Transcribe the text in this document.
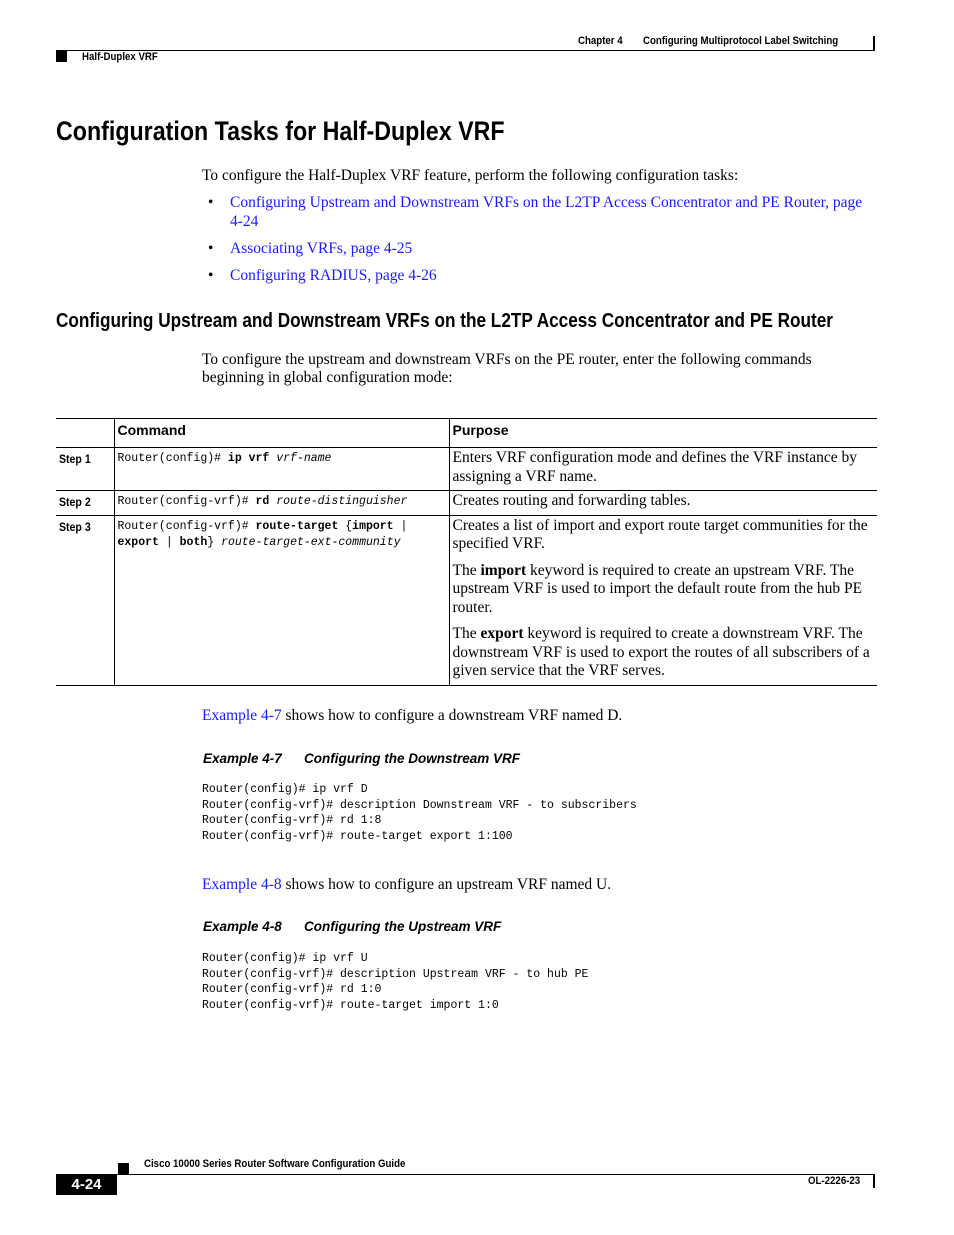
Chapter 4 Configuring Multiprotocol Label Switching
Half-Duplex VRF
Configuration Tasks for Half-Duplex VRF
To configure the Half-Duplex VRF feature, perform the following configuration tasks:
• Configuring Upstream and Downstream VRFs on the L2TP Access Concentrator and PE Router, page 4-24
• Associating VRFs, page 4-25
• Configuring RADIUS, page 4-26
Configuring Upstream and Downstream VRFs on the L2TP Access Concentrator and PE Router
To configure the upstream and downstream VRFs on the PE router, enter the following commands beginning in global configuration mode:
	Command	Purpose
Step 1	Router(config)# ip vrf vrf-name	Enters VRF configuration mode and defines the VRF instance by assigning a VRF name.

Step 2	Router(config-vrf)# rd route-distinguisher	Creates routing and forwarding tables.

Step 3	Router(config-vrf)# route-target {import | export | both} route-target-ext-community	Creates a list of import and export route target communities for the specified VRF.

The import keyword is required to create an upstream VRF. The upstream VRF is used to import the default route from the hub PE router.

The export keyword is required to create a downstream VRF. The downstream VRF is used to export the routes of all subscribers of a given service that the VRF serves.

Example 4-7 shows how to configure a downstream VRF named D.
Example 4-7 Configuring the Downstream VRF
Router(config)# ip vrf D
Router(config-vrf)# description Downstream VRF - to subscribers
Router(config-vrf)# rd 1:8
Router(config-vrf)# route-target export 1:100
Example 4-8 shows how to configure an upstream VRF named U.
Example 4-8 Configuring the Upstream VRF
Router(config)# ip vrf U
Router(config-vrf)# description Upstream VRF - to hub PE
Router(config-vrf)# rd 1:0
Router(config-vrf)# route-target import 1:0
Cisco 10000 Series Router Software Configuration Guide
4-24	OL-2226-23
